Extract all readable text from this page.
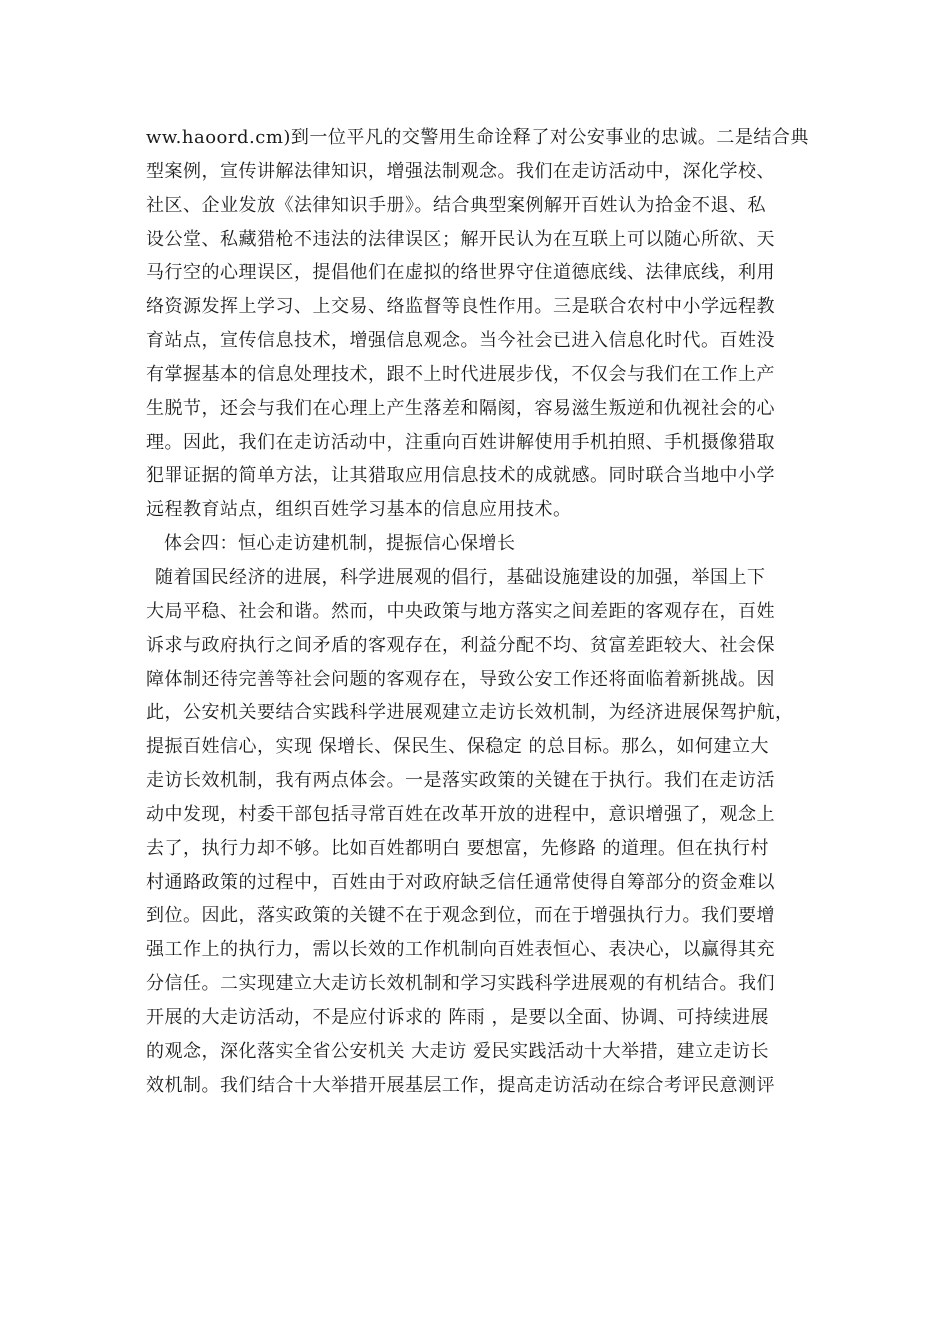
ww.haoord.cm)到一位平凡的交警用生命诠释了对公安事业的忠诚。二是结合典
型案例，宣传讲解法律知识，增强法制观念。我们在走访活动中，深化学校、
社区、企业发放《法律知识手册》。结合典型案例解开百姓认为拾金不退、私
设公堂、私藏猎枪不违法的法律误区；解开民认为在互联上可以随心所欲、天
马行空的心理误区，提倡他们在虚拟的络世界守住道德底线、法律底线，利用
络资源发挥上学习、上交易、络监督等良性作用。三是联合农村中小学远程教
育站点，宣传信息技术，增强信息观念。当今社会已进入信息化时代。百姓没
有掌握基本的信息处理技术，跟不上时代进展步伐，不仅会与我们在工作上产
生脱节，还会与我们在心理上产生落差和隔阂，容易滋生叛逆和仇视社会的心
理。因此，我们在走访活动中，注重向百姓讲解使用手机拍照、手机摄像猎取
犯罪证据的简单方法，让其猎取应用信息技术的成就感。同时联合当地中小学
远程教育站点，组织百姓学习基本的信息应用技术。
体会四：恒心走访建机制，提振信心保增长
随着国民经济的进展，科学进展观的倡行，基础设施建设的加强，举国上下
大局平稳、社会和谐。然而，中央政策与地方落实之间差距的客观存在，百姓
诉求与政府执行之间矛盾的客观存在，利益分配不均、贫富差距较大、社会保
障体制还待完善等社会问题的客观存在，导致公安工作还将面临着新挑战。因
此，公安机关要结合实践科学进展观建立走访长效机制，为经济进展保驾护航，
提振百姓信心，实现 保增长、保民生、保稳定 的总目标。那么，如何建立大
走访长效机制，我有两点体会。一是落实政策的关键在于执行。我们在走访活
动中发现，村委干部包括寻常百姓在改革开放的进程中，意识增强了，观念上
去了，执行力却不够。比如百姓都明白 要想富，先修路 的道理。但在执行村
村通路政策的过程中，百姓由于对政府缺乏信任通常使得自筹部分的资金难以
到位。因此，落实政策的关键不在于观念到位，而在于增强执行力。我们要增
强工作上的执行力，需以长效的工作机制向百姓表恒心、表决心，以赢得其充
分信任。二实现建立大走访长效机制和学习实践科学进展观的有机结合。我们
开展的大走访活动，不是应付诉求的 阵雨 ，是要以全面、协调、可持续进展
的观念，深化落实全省公安机关 大走访 爱民实践活动十大举措，建立走访长
效机制。我们结合十大举措开展基层工作，提高走访活动在综合考评民意测评
